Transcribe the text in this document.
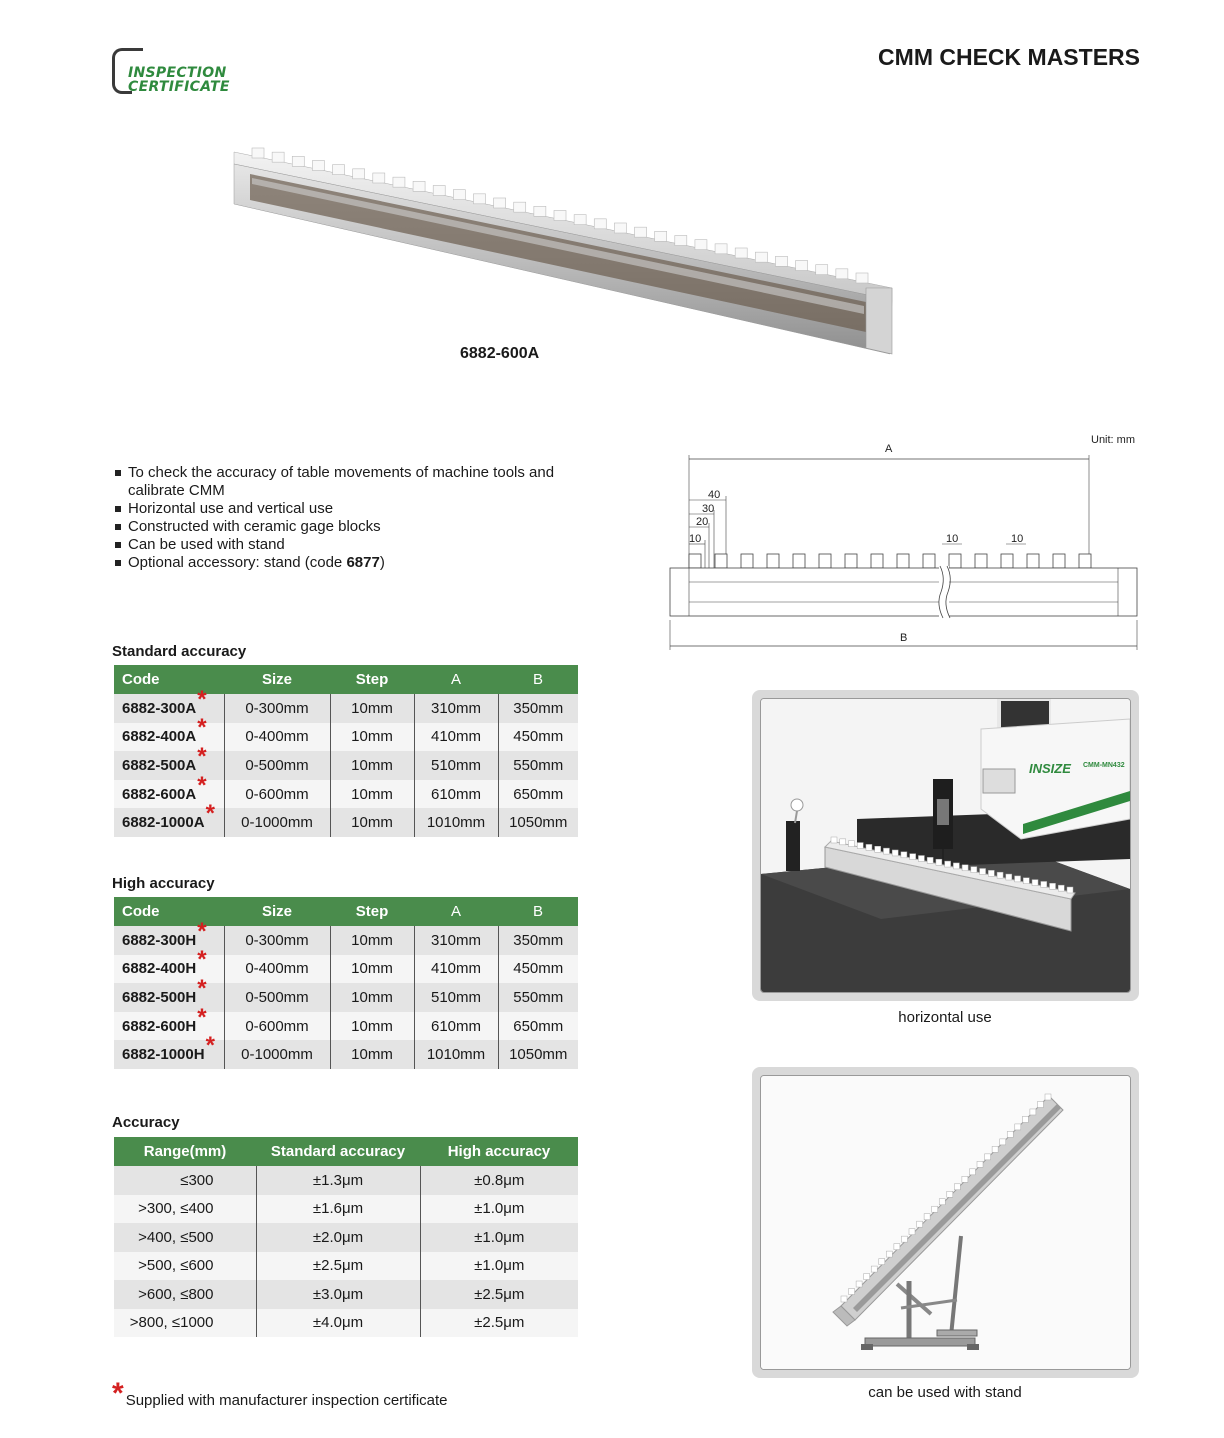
INSPECTION
CERTIFICATE
CMM CHECK MASTERS
6882-600A
To check the accuracy of table movements of machine tools and calibrate CMM
Horizontal use and vertical use
Constructed with ceramic gage blocks
Can be used with stand
Optional accessory: stand (code 6877)
Unit: mm
A
40
30
20
10	10	10
B
Standard accuracy
Code	Size	Step	A	B
6882-300A*	0-300mm	10mm	310mm	350mm
6882-400A*	0-400mm	10mm	410mm	450mm
6882-500A*	0-500mm	10mm	510mm	550mm
6882-600A*	0-600mm	10mm	610mm	650mm
6882-1000A*	0-1000mm	10mm	1010mm	1050mm
High accuracy
Code	Size	Step	A	B
6882-300H*	0-300mm	10mm	310mm	350mm
6882-400H*	0-400mm	10mm	410mm	450mm
6882-500H*	0-500mm	10mm	510mm	550mm
6882-600H*	0-600mm	10mm	610mm	650mm
6882-1000H*	0-1000mm	10mm	1010mm	1050mm
Accuracy
Range(mm)	Standard accuracy	High accuracy
≤300	±1.3μm	±0.8μm
>300, ≤400	±1.6μm	±1.0μm
>400, ≤500	±2.0μm	±1.0μm
>500, ≤600	±2.5μm	±1.0μm
>600, ≤800	±3.0μm	±2.5μm
>800, ≤1000	±4.0μm	±2.5μm
INSIZE CMM-MN432
horizontal use
can be used with stand
* Supplied with manufacturer inspection certificate
